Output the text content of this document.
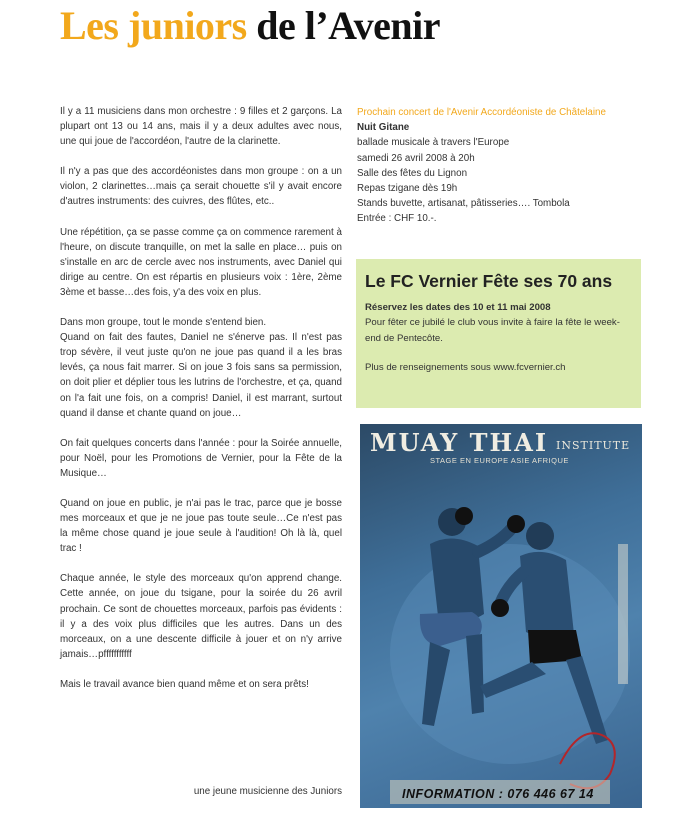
Les juniors de l’Avenir

Il y a 11 musiciens dans mon orchestre : 9 filles et 2 garçons. La plupart ont 13 ou 14 ans, mais il y a deux adultes avec nous, une qui joue de l'accordéon, l'autre de la clarinette.

Il n'y a pas que des accordéonistes dans mon groupe : on a un violon, 2 clarinettes…mais ça serait chouette s'il y avait encore d'autres instruments: des cuivres, des flûtes, etc..

Une répétition, ça se passe comme ça on commence rarement à l'heure, on discute tranquille, on met la salle en place… puis on s'installe en arc de cercle avec nos instruments, avec Daniel qui dirige au centre. On est répartis en plusieurs voix : 1ère, 2ème 3ème et basse…des fois, y'a des voix en plus.

Dans mon groupe, tout le monde s'entend bien.

Quand on fait des fautes, Daniel ne s'énerve pas. Il n'est pas trop sévère, il veut juste qu'on ne joue pas quand il a les bras levés, ça nous fait marrer. Si on joue 3 fois sans sa permission, on doit plier et déplier tous les lutrins de l'orchestre, et ça, quand on l'a fait une fois, on a compris! Daniel, il est marrant, surtout quand il danse et chante quand on joue…

On fait quelques concerts dans l'année : pour la Soirée annuelle, pour Noël, pour les Promotions de Vernier, pour la Fête de la Musique…

Quand on joue en public, je n'ai pas le trac, parce que je bosse mes morceaux et que je ne joue pas toute seule…Ce n'est pas la même chose quand je joue seule à l'audition! Oh là là, quel trac !

Chaque année, le style des morceaux qu'on apprend change. Cette année, on joue du tsigane, pour la soirée du 26 avril prochain. Ce sont de chouettes morceaux, parfois pas évidents : il y a des voix plus difficiles que les autres. Dans un des morceaux, on a une descente difficile à jouer et on n'y arrive jamais…pfffffffffff

Mais le travail avance bien quand même et on sera prêts!

une jeune musicienne des Juniors
Prochain concert de l'Avenir Accordéoniste de Châtelaine
Nuit Gitane
ballade musicale à travers l'Europe
samedi 26 avril 2008 à 20h
Salle des fêtes du Lignon
Repas tzigane dès 19h
Stands buvette, artisanat, pâtisseries…. Tombola
Entrée : CHF 10.-.
Le FC Vernier Fête ses 70 ans
Réservez les dates des 10 et 11 mai 2008
Pour fêter ce jubilé le club vous invite à faire la fête le week-end de Pentecôte.
Plus de renseignements sous www.fcvernier.ch
MUAY THAI INSTITUTE
STAGE EN EUROPE ASIE AFRIQUE
INFORMATION : 076 446 67 14
